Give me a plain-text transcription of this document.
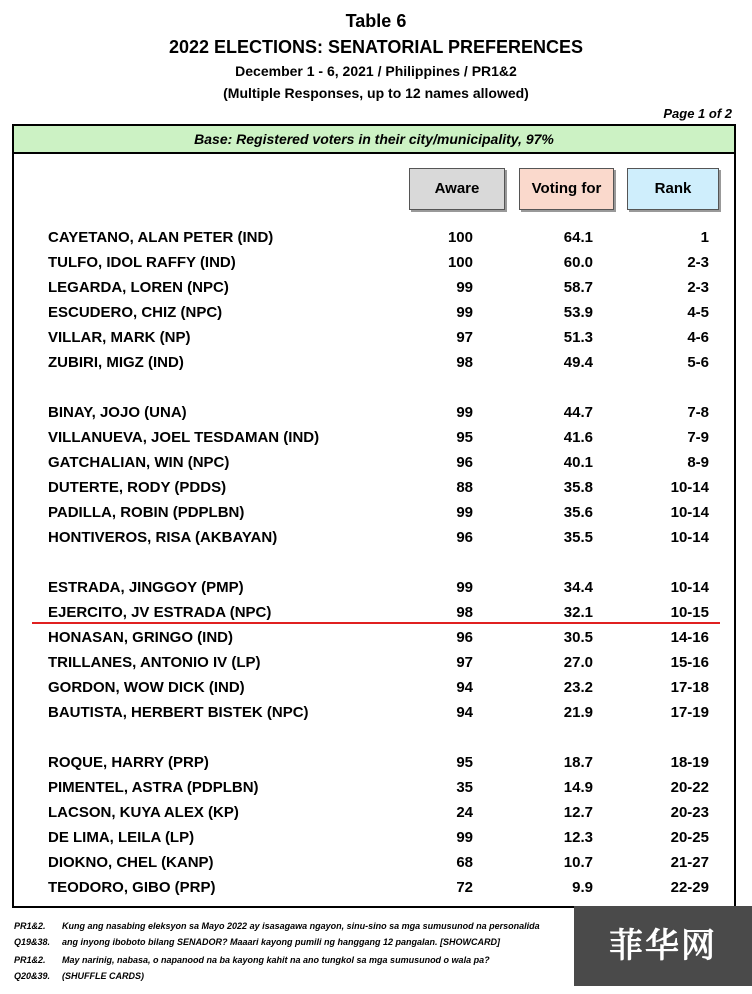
Table 6
2022 ELECTIONS: SENATORIAL PREFERENCES
December 1 - 6, 2021 / Philippines / PR1&2
(Multiple Responses, up to 12 names allowed)
Page 1 of 2
Base: Registered voters in their city/municipality, 97%
Aware	Voting for	Rank
CAYETANO, ALAN PETER (IND)	100	64.1	1
TULFO, IDOL RAFFY (IND)	100	60.0	2-3
LEGARDA, LOREN (NPC)	99	58.7	2-3
ESCUDERO, CHIZ (NPC)	99	53.9	4-5
VILLAR, MARK (NP)	97	51.3	4-6
ZUBIRI, MIGZ (IND)	98	49.4	5-6
BINAY, JOJO (UNA)	99	44.7	7-8
VILLANUEVA, JOEL TESDAMAN (IND)	95	41.6	7-9
GATCHALIAN, WIN (NPC)	96	40.1	8-9
DUTERTE, RODY (PDDS)	88	35.8	10-14
PADILLA, ROBIN (PDPLBN)	99	35.6	10-14
HONTIVEROS, RISA (AKBAYAN)	96	35.5	10-14
ESTRADA, JINGGOY (PMP)	99	34.4	10-14
EJERCITO, JV ESTRADA (NPC)	98	32.1	10-15
HONASAN, GRINGO (IND)	96	30.5	14-16
TRILLANES, ANTONIO IV (LP)	97	27.0	15-16
GORDON, WOW DICK (IND)	94	23.2	17-18
BAUTISTA, HERBERT BISTEK (NPC)	94	21.9	17-19
ROQUE, HARRY (PRP)	95	18.7	18-19
PIMENTEL, ASTRA (PDPLBN)	35	14.9	20-22
LACSON, KUYA ALEX (KP)	24	12.7	20-23
DE LIMA, LEILA (LP)	99	12.3	20-25
DIOKNO, CHEL (KANP)	68	10.7	21-27
TEODORO, GIBO (PRP)	72	9.9	22-29
PR1&2. Kung ang nasabing eleksyon sa Mayo 2022 ay isasagawa ngayon, sinu-sino sa mga sumusunod na personalida
Q19&38. ang inyong iboboto bilang SENADOR? Maaari kayong pumili ng hanggang 12 pangalan. [SHOWCARD]
PR1&2. May narinig, nabasa, o napanood na ba kayong kahit na ano tungkol sa mga sumusunod o wala pa?
Q20&39. (SHUFFLE CARDS)
菲华网
